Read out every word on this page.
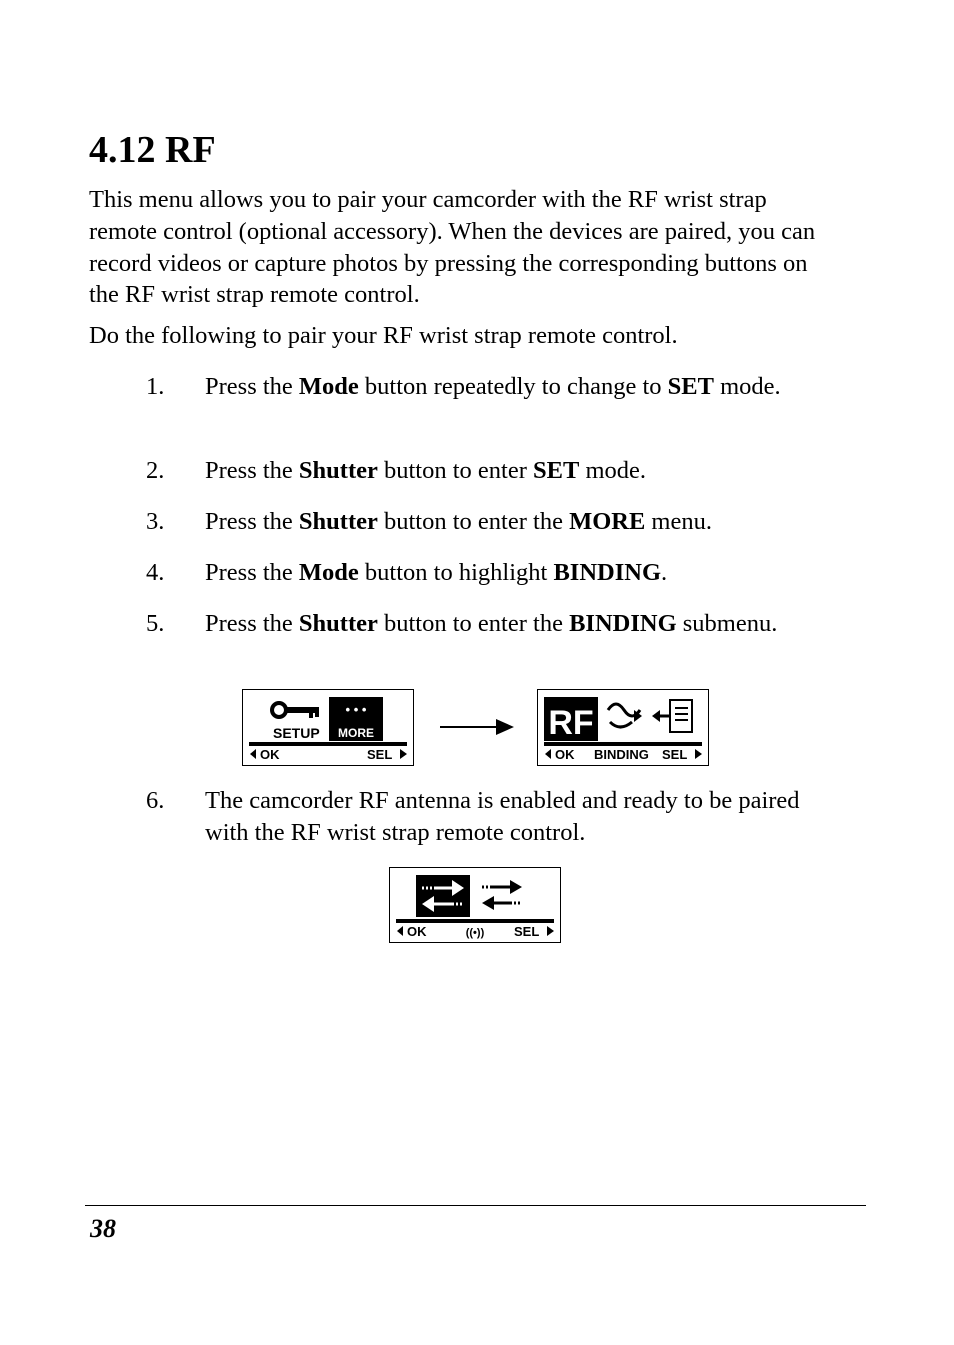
4.12 RF

This menu allows you to pair your camcorder with the RF wrist strap remote control (optional accessory). When the devices are paired, you can record videos or capture photos by pressing the corresponding buttons on the RF wrist strap remote control.

Do the following to pair your RF wrist strap remote control.

1. Press the Mode button repeatedly to change to SET mode.
2. Press the Shutter button to enter SET mode.
3. Press the Shutter button to enter the MORE menu.
4. Press the Mode button to highlight BINDING.
5. Press the Shutter button to enter the BINDING submenu.
• • •
SETUP MORE
OK	SEL
RF
OK BINDING SEL
6. The camcorder RF antenna is enabled and ready to be paired with the RF wrist strap remote control.
OK	((•)) SEL
38
